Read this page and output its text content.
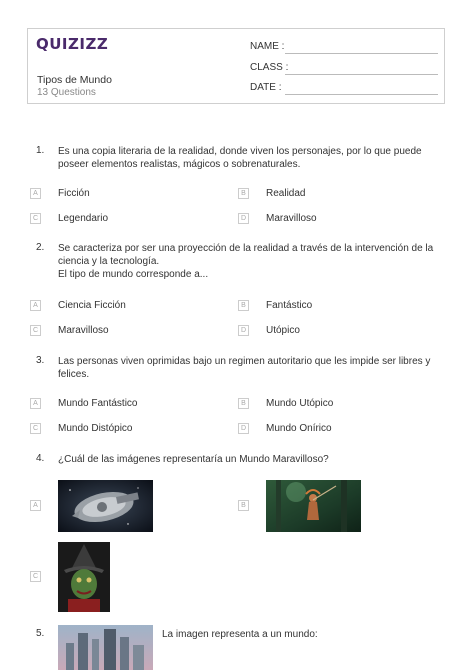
QUIZIZZ
Tipos de Mundo
13 Questions
NAME :
CLASS :
DATE :
1. Es una copia literaria de la realidad, donde viven los personajes, por lo que puede poseer elementos realistas, mágicos o sobrenaturales.
A	Ficción	B	Realidad
C Legendario	D Maravilloso
2. Se caracteriza por ser una proyección de la realidad a través de la intervención de la
ciencia y la tecnología.
El tipo de mundo corresponde a...
A	Ciencia Ficción	B	Fantástico
C Maravilloso	D Utópico
3. Las personas viven oprimidas bajo un regimen autoritario que les impide ser libres y felices.
A	Mundo Fantástico	B	Mundo Utópico
C Mundo Distópico	D Mundo Onírico
4. ¿Cuál de las imágenes representaría un Mundo Maravilloso?
A	B
C
5.	La imagen representa a un mundo:
